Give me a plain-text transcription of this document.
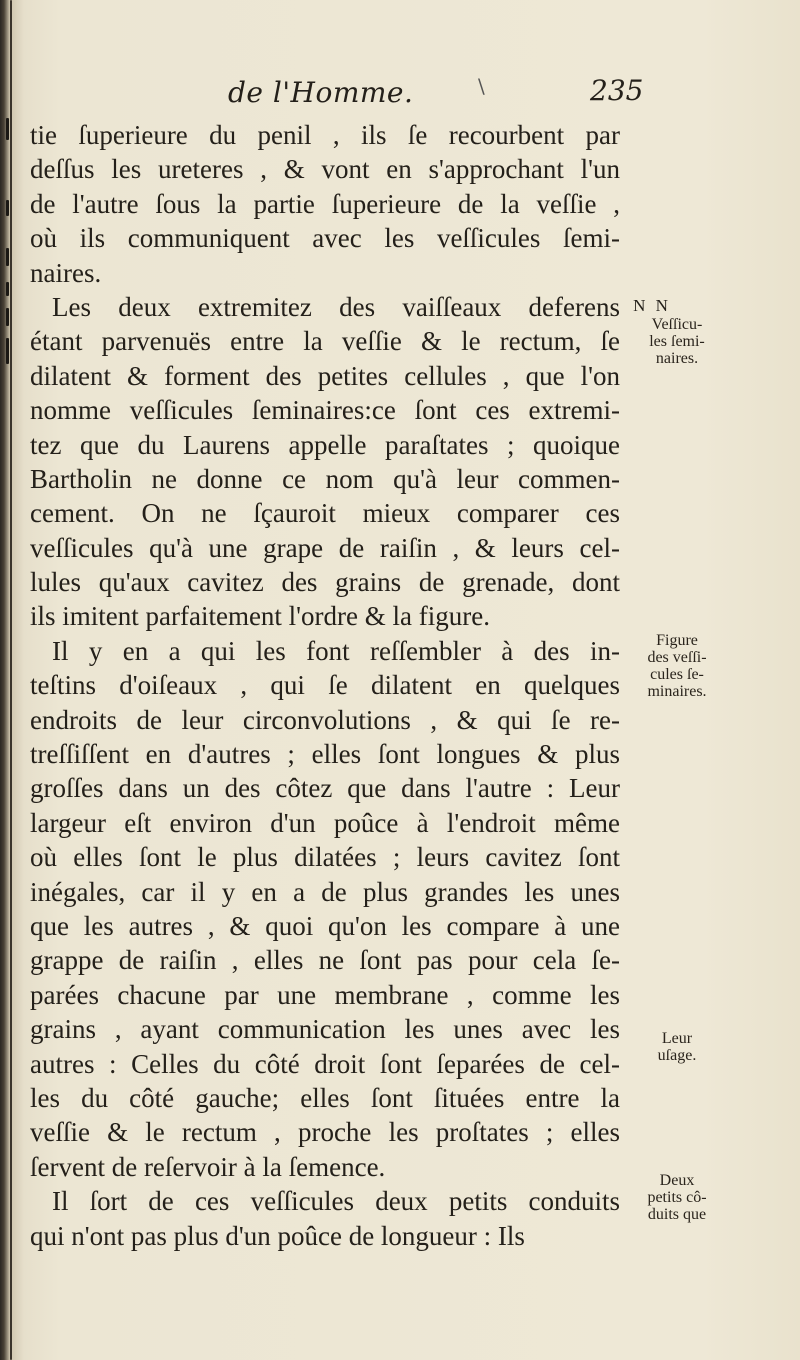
de l'Homme.	\	235
N N
tie ſuperieure du penil , ils ſe recourbent par
deſſus les ureteres , & vont en s'approchant l'un
de l'autre ſous la partie ſuperieure de la veſſie ,
où ils communiquent avec les veſſicules ſemi-
naires.
Les deux extremitez des vaiſſeaux deferens
étant parvenuës entre la veſſie & le rectum, ſe
dilatent & forment des petites cellules , que l'on
nomme veſſicules ſeminaires:ce ſont ces extremi-
tez que du Laurens appelle paraſtates ; quoique
Bartholin ne donne ce nom qu'à leur commen-
cement. On ne ſçauroit mieux comparer ces
veſſicules qu'à une grape de raiſin , & leurs cel-
lules qu'aux cavitez des grains de grenade, dont
ils imitent parfaitement l'ordre & la figure.
Il y en a qui les font reſſembler à des in-
teſtins d'oiſeaux , qui ſe dilatent en quelques
endroits de leur circonvolutions , & qui ſe re-
treſſiſſent en d'autres ; elles ſont longues & plus
groſſes dans un des côtez que dans l'autre : Leur
largeur eſt environ d'un poûce à l'endroit même
où elles ſont le plus dilatées ; leurs cavitez ſont
inégales, car il y en a de plus grandes les unes
que les autres , & quoi qu'on les compare à une
grappe de raiſin , elles ne ſont pas pour cela ſe-
parées chacune par une membrane , comme les
grains , ayant communication les unes avec les
autres : Celles du côté droit ſont ſeparées de cel-
les du côté gauche; elles ſont ſituées entre la
veſſie & le rectum , proche les proſtates ; elles
ſervent de reſervoir à la ſemence.
Il ſort de ces veſſicules deux petits conduits
qui n'ont pas plus d'un poûce de longueur : Ils
Veſſicu-
les ſemi-
naires.
Figure
des veſſi-
cules ſe-
minaires.
Leur
uſage.
Deux
petits cô-
duits que
